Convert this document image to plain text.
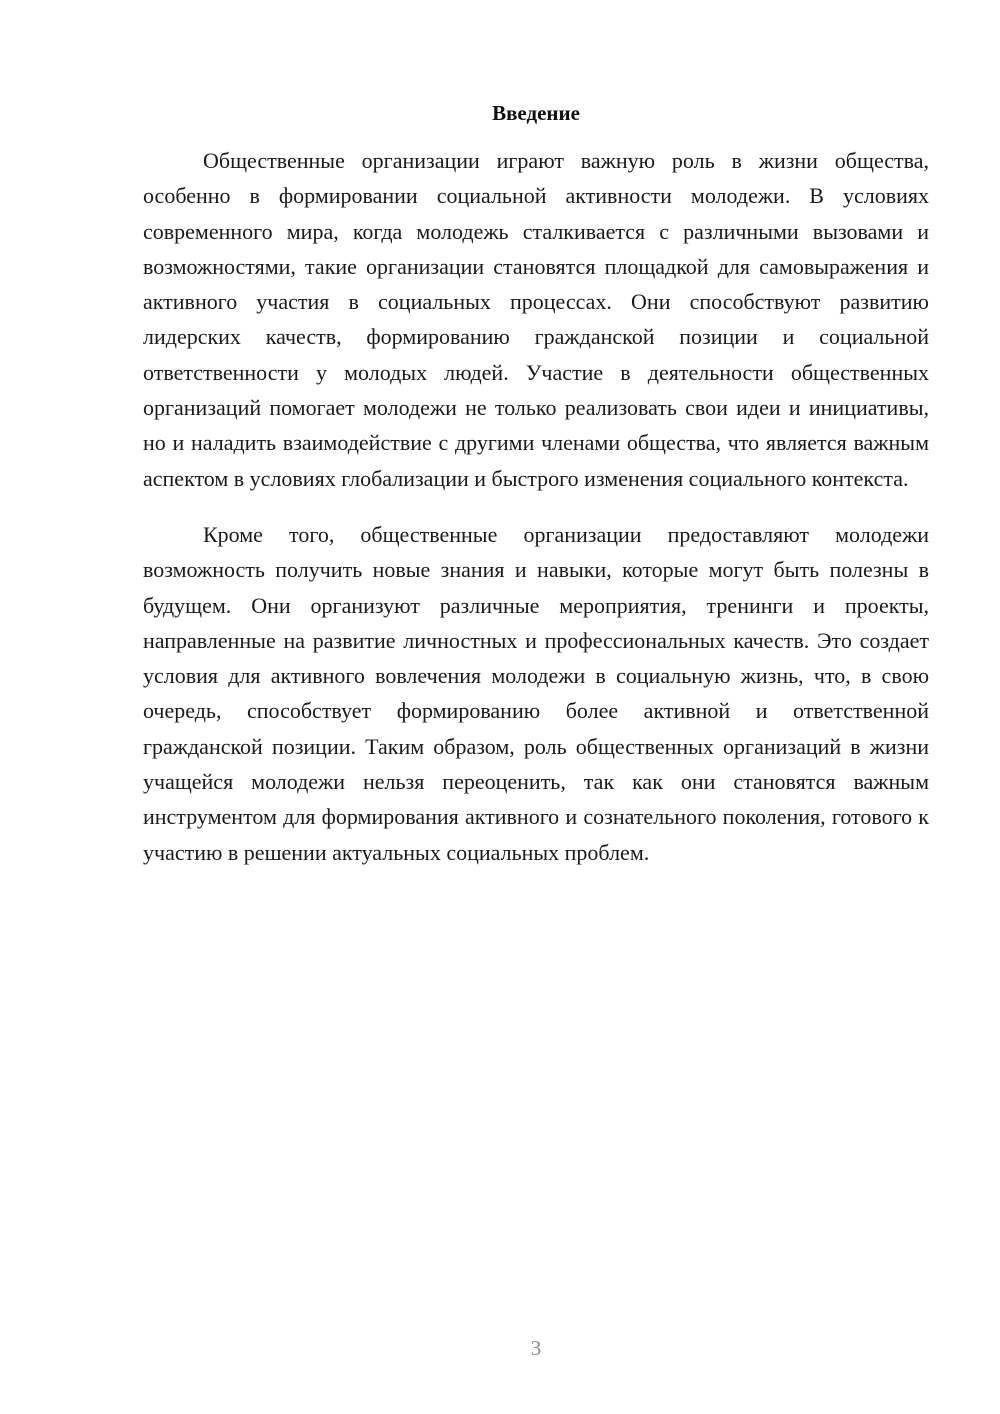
Введение

Общественные организации играют важную роль в жизни общества, особенно в формировании социальной активности молодежи. В условиях современного мира, когда молодежь сталкивается с различными вызовами и возможностями, такие организации становятся площадкой для самовыражения и активного участия в социальных процессах. Они способствуют развитию лидерских качеств, формированию гражданской позиции и социальной ответственности у молодых людей. Участие в деятельности общественных организаций помогает молодежи не только реализовать свои идеи и инициативы, но и наладить взаимодействие с другими членами общества, что является важным аспектом в условиях глобализации и быстрого изменения социального контекста.

Кроме того, общественные организации предоставляют молодежи возможность получить новые знания и навыки, которые могут быть полезны в будущем. Они организуют различные мероприятия, тренинги и проекты, направленные на развитие личностных и профессиональных качеств. Это создает условия для активного вовлечения молодежи в социальную жизнь, что, в свою очередь, способствует формированию более активной и ответственной гражданской позиции. Таким образом, роль общественных организаций в жизни учащейся молодежи нельзя переоценить, так как они становятся важным инструментом для формирования активного и сознательного поколения, готового к участию в решении актуальных социальных проблем.

3
